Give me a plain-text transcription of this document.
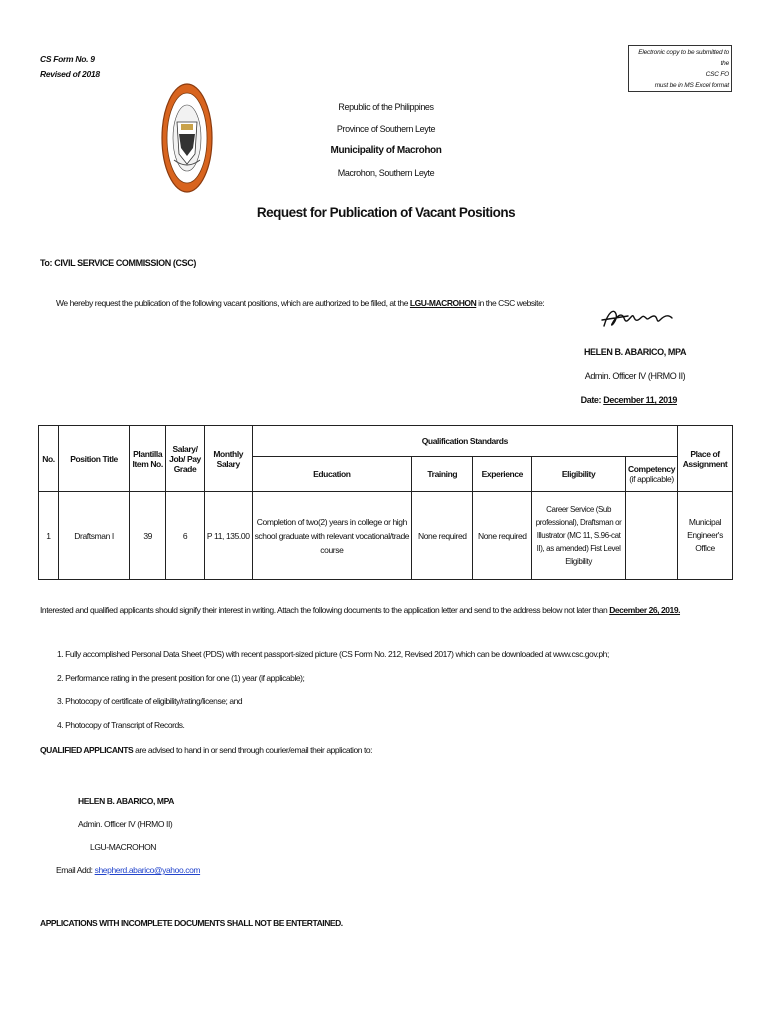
CS Form No. 9
Revised of 2018
Electronic copy to be submitted to the
CSC FO
must be in MS Excel format
Republic of the Philippines
Province of Southern Leyte
Municipality of Macrohon
Macrohon, Southern Leyte
Request for Publication of Vacant Positions
To: CIVIL SERVICE COMMISSION (CSC)
We hereby request the publication of the following vacant positions, which are authorized to be filled, at the LGU-MACROHON in the CSC website:
HELEN B. ABARICO, MPA
Admin. Officer IV (HRMO II)
Date: December 11, 2019
No.	Position Title	Plantilla Item No.	Salary/ Job/ Pay Grade	Monthly Salary	Qualification Standards					Place of Assignment
					Education	Training	Experience	Eligibility	Competency
(if applicable)	

1	Draftsman I	39	6	P 11, 135.00	Completion of two(2) years in college or high school graduate with relevant vocational/trade course	None required	None required	Career Service (Sub professional), Draftsman or Illustrator (MC 11, S.96-cat II), as amended) Fist Level Eligibility		Municipal Engineer's Office
Interested and qualified applicants should signify their interest in writing. Attach the following documents to the application letter and send to the address below not later than December 26, 2019.
1. Fully accomplished Personal Data Sheet (PDS) with recent passport-sized picture (CS Form No. 212, Revised 2017) which can be downloaded at www.csc.gov.ph;
2. Performance rating in the present position for one (1) year (if applicable);
3. Photocopy of certificate of eligibility/rating/license; and
4. Photocopy of Transcript of Records.
QUALIFIED APPLICANTS are advised to hand in or send through courier/email their application to:
HELEN B. ABARICO, MPA
Admin. Officer IV (HRMO II)
LGU-MACROHON
Email Add: shepherd.abarico@yahoo.com
APPLICATIONS WITH INCOMPLETE DOCUMENTS SHALL NOT BE ENTERTAINED.
